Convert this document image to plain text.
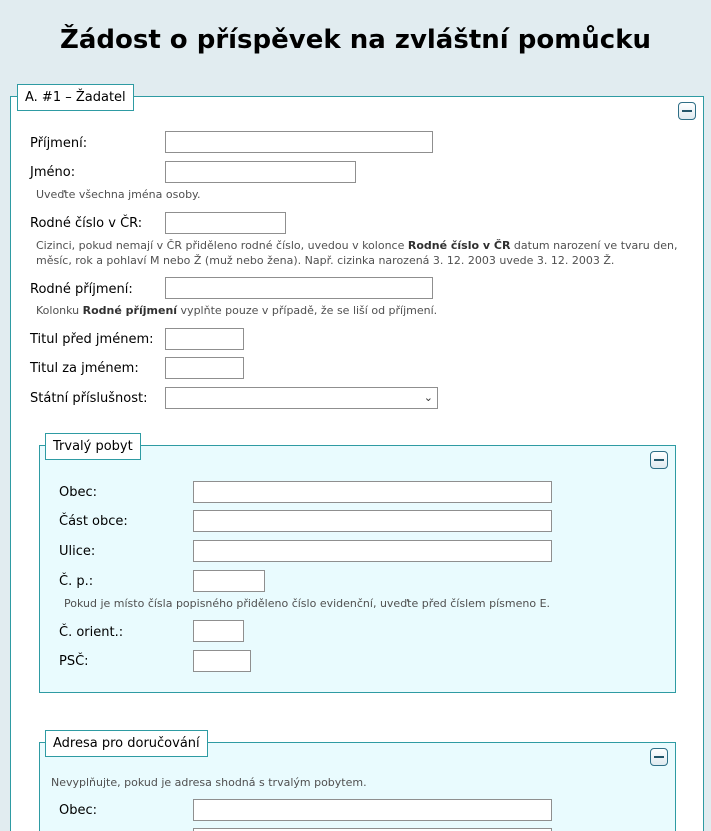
Žádost o příspěvek na zvláštní pomůcku
A. #1 – Žadatel
Příjmení:
Jméno:
Uveďte všechna jména osoby.
Rodné číslo v ČR:
Cizinci, pokud nemají v ČR přiděleno rodné číslo, uvedou v kolonce Rodné číslo v ČR datum narození ve tvaru den, měsíc, rok a pohlaví M nebo Ž (muž nebo žena). Např. cizinka narozená 3. 12. 2003 uvede 3. 12. 2003 Ž.
Rodné příjmení:
Kolonku Rodné příjmení vyplňte pouze v případě, že se liší od příjmení.
Titul před jménem:
Titul za jménem:
Státní příslušnost:	⌄
Trvalý pobyt
Obec:
Část obce:
Ulice:
Č. p.:
Pokud je místo čísla popisného přiděleno číslo evidenční, uveďte před číslem písmeno E.
Č. orient.:
PSČ:
Adresa pro doručování
Nevyplňujte, pokud je adresa shodná s trvalým pobytem.
Obec:
